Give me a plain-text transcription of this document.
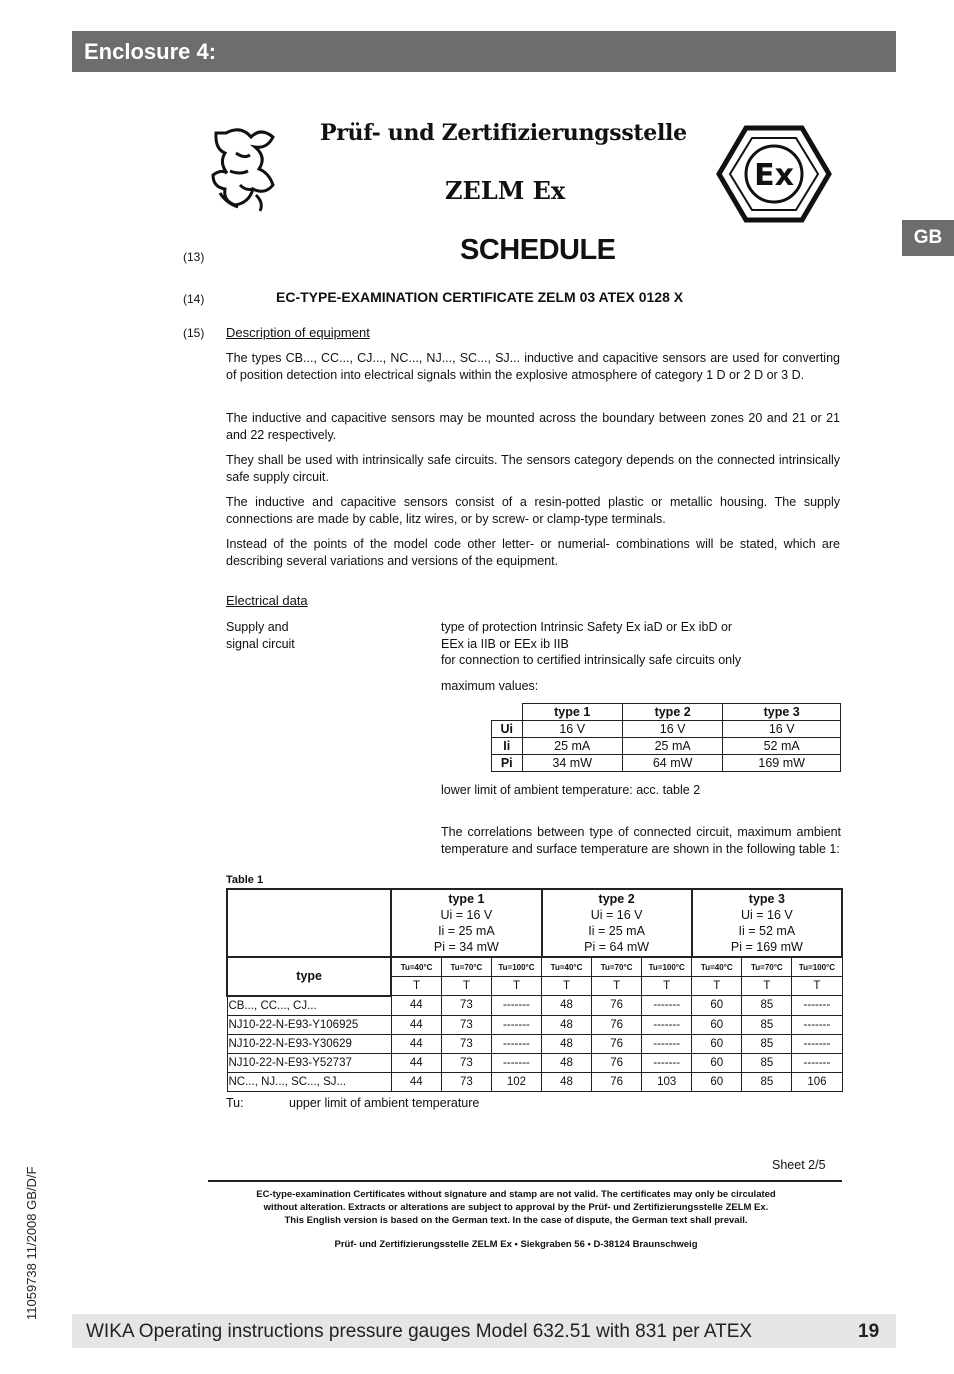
Enclosure 4:
GB
11059738 11/2008 GB/D/F
Prüf- und Zertifizierungsstelle
ZELM Ex	Ex
(13)	SCHEDULE
(14)	EC-TYPE-EXAMINATION CERTIFICATE ZELM 03 ATEX 0128 X
(15) Description of equipment
The types CB..., CC..., CJ..., NC..., NJ..., SC..., SJ... inductive and capacitive sensors are used for converting of position detection into electrical signals within the explosive atmosphere of category 1 D or 2 D or 3 D.
The inductive and capacitive sensors may be mounted across the boundary between zones 20 and 21 or 21 and 22 respectively.
They shall be used with intrinsically safe circuits. The sensors category depends on the connected intrinsically safe supply circuit.
The inductive and capacitive sensors consist of a resin-potted plastic or metallic housing. The supply connections are made by cable, litz wires, or by screw- or clamp-type terminals.
Instead of the points of the model code other letter- or numerial- combinations will be stated, which are describing several variations and versions of the equipment.
Electrical data
Supply and
signal circuit
type of protection Intrinsic Safety Ex iaD or Ex ibD or
EEx ia IIB or EEx ib IIB
for connection to certified intrinsically safe circuits only
maximum values:
	type 1	type 2	type 3
Ui	16 V	16 V	16 V
Ii	25 mA	25 mA	52 mA
Pi	34 mW	64 mW	169 mW
lower limit of ambient temperature: acc. table 2
The correlations between type of connected circuit, maximum ambient temperature and surface temperature are shown in the following table 1:
Table 1
	type 1
Ui = 16 V
Ii = 25 mA
Pi = 34 mW			type 2
Ui = 16 V
Ii = 25 mA
Pi = 64 mW			type 3
Ui = 16 V
Ii = 52 mA
Pi = 169 mW		
type	Tu=40°C	Tu=70°C	Tu=100°C	Tu=40°C	Tu=70°C	Tu=100°C	Tu=40°C	Tu=70°C	Tu=100°C
	T	T	T	T	T	T	T	T	T
CB..., CC..., CJ...	44	73	-------	48	76	-------	60	85	-------
NJ10-22-N-E93-Y106925	44	73	-------	48	76	-------	60	85	-------
NJ10-22-N-E93-Y30629	44	73	-------	48	76	-------	60	85	-------
NJ10-22-N-E93-Y52737	44	73	-------	48	76	-------	60	85	-------
NC..., NJ..., SC..., SJ...	44	73	102	48	76	103	60	85	106
Tu:	upper limit of ambient temperature
Sheet 2/5
EC-type-examination Certificates without signature and stamp are not valid. The certificates may only be circulated
without alteration. Extracts or alterations are subject to approval by the Prüf- und Zertifizierungsstelle ZELM Ex.
This English version is based on the German text. In the case of dispute, the German text shall prevail.
Prüf- und Zertifizierungsstelle ZELM Ex • Siekgraben 56 • D-38124 Braunschweig
WIKA Operating instructions pressure gauges Model 632.51 with 831 per ATEX	19
